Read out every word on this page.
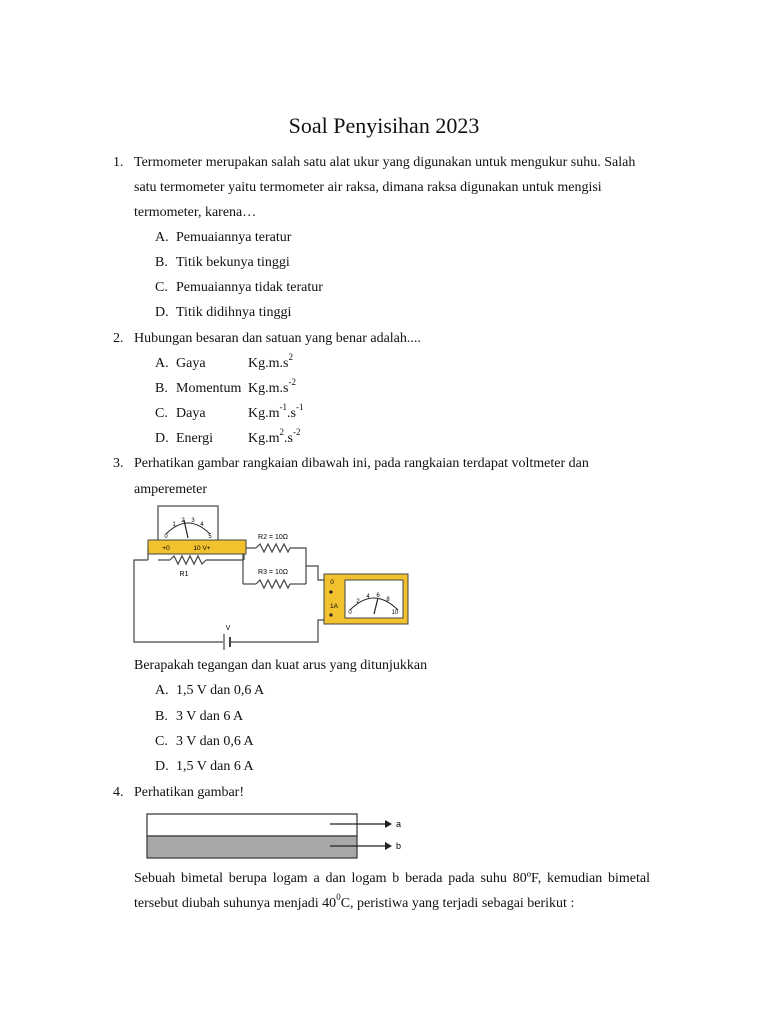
Soal Penyisihan 2023
1. Termometer merupakan salah satu alat ukur yang digunakan untuk mengukur suhu. Salah
satu termometer yaitu termometer air raksa, dimana raksa digunakan untuk mengisi
termometer, karena…
A. Pemuaiannya teratur
B. Titik bekunya tinggi
C. Pemuaiannya tidak teratur
D. Titik didihnya tinggi
2. Hubungan besaran dan satuan yang benar adalah....
A. Gaya	$Kg.m.s^2$
B. Momentum $Kg.m.s^{-2}$
C. Daya	$Kg.m^{-1}.s^{-1}$
D. Energi $Kg.m^2.s^{-2}$
3. Perhatikan gambar rangkaian dibawah ini, pada rangkaian terdapat voltmeter dan
amperemeter
R1
R2 = 10Ω
R3 = 10Ω
V
0
1
2 3
4
5
+0	10 V+
0
2
4 6
8
10
0
1A
Berapakah tegangan dan kuat arus yang ditunjukkan
A. 1,5 V dan 0,6 A
B. 3 V dan 6 A
C. 3 V dan 0,6 A
D. 1,5 V dan 6 A
4. Perhatikan gambar!
a
b
Sebuah bimetal berupa logam a dan logam b berada pada suhu 80ºF, kemudian bimetal
tersebut diubah suhunya menjadi $40^0C$, peristiwa yang terjadi sebagai berikut :
